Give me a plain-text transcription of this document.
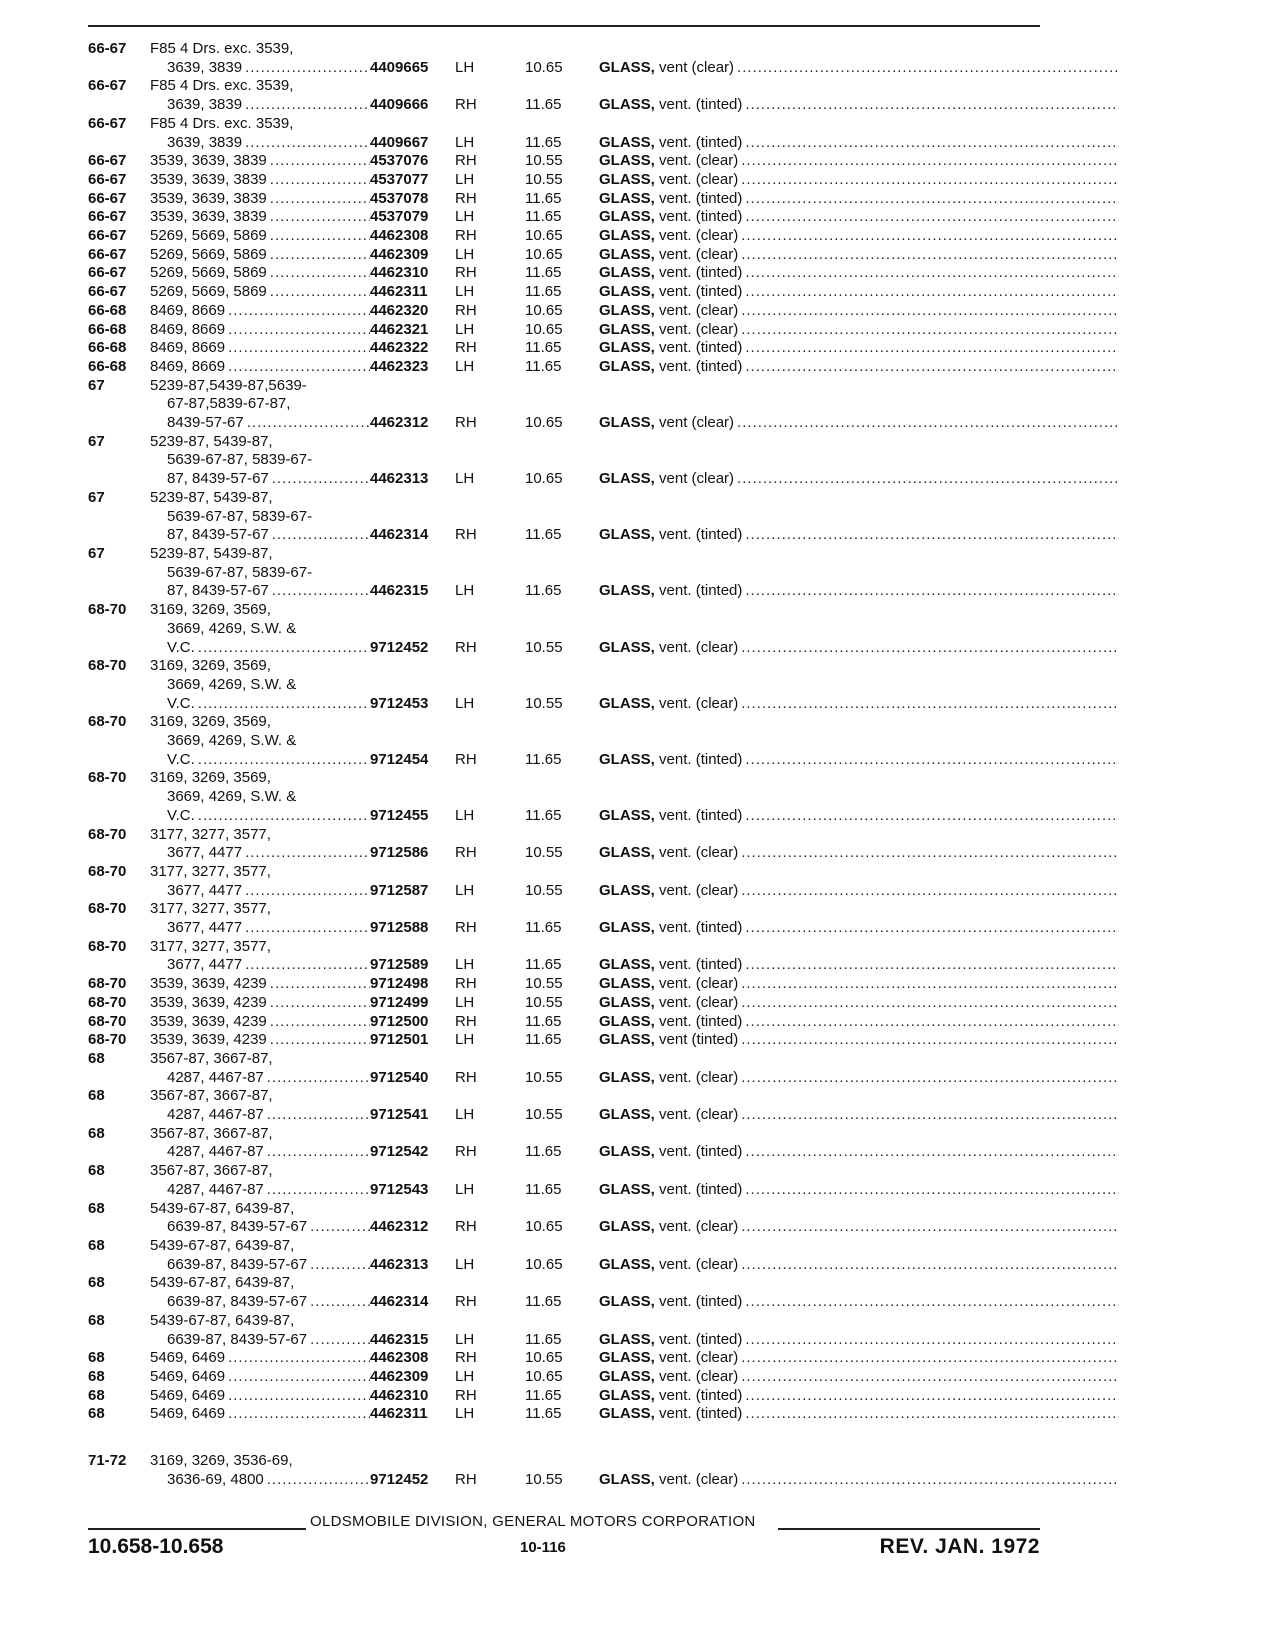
66-67	F85 4 Drs. exc. 3539,
3639, 3839 .....	4409665	LH	10.65	GLASS, vent (clear)
.....
66-67	F85 4 Drs. exc. 3539,
3639, 3839 .....	4409666	RH	11.65	GLASS, vent. (tinted)
.....
66-67	F85 4 Drs. exc. 3539,
3639, 3839 .....	4409667	LH	11.65	GLASS, vent. (tinted)
.....
66-67	3539, 3639, 3839 .....	4537076	RH	10.55	GLASS, vent. (clear)
.....
66-67	3539, 3639, 3839 .....	4537077	LH	10.55	GLASS, vent. (clear)
.....
66-67	3539, 3639, 3839 .....	4537078	RH	11.65	GLASS, vent. (tinted)
.....
66-67	3539, 3639, 3839 .....	4537079	LH	11.65	GLASS, vent. (tinted)
.....
66-67	5269, 5669, 5869 .....	4462308	RH	10.65	GLASS, vent. (clear)
.....
66-67	5269, 5669, 5869 .....	4462309	LH	10.65	GLASS, vent. (clear)
.....
66-67	5269, 5669, 5869 .....	4462310	RH	11.65	GLASS, vent. (tinted)
.....
66-67	5269, 5669, 5869 .....	4462311	LH	11.65	GLASS, vent. (tinted)
.....
66-68	8469, 8669 .....	4462320	RH	10.65	GLASS, vent. (clear)
.....
66-68	8469, 8669 .....	4462321	LH	10.65	GLASS, vent. (clear)
.....
66-68	8469, 8669 .....	4462322	RH	11.65	GLASS, vent. (tinted)
.....
66-68	8469, 8669 .....	4462323	LH	11.65	GLASS, vent. (tinted)
.....
67	5239-87,5439-87,5639-
67-87,5839-67-87,
8439-57-67 .....	4462312	RH	10.65	GLASS, vent (clear)
.....
67	5239-87, 5439-87,
5639-67-87, 5839-67-
87, 8439-57-67 .....	4462313	LH	10.65	GLASS, vent (clear)
.....
67	5239-87, 5439-87,
5639-67-87, 5839-67-
87, 8439-57-67 .....	4462314	RH	11.65	GLASS, vent. (tinted)
.....
67	5239-87, 5439-87,
5639-67-87, 5839-67-
87, 8439-57-67 .....	4462315	LH	11.65	GLASS, vent. (tinted)
.....
68-70	3169, 3269, 3569,
3669, 4269, S.W. &
V.C. .....	9712452	RH	10.55	GLASS, vent. (clear)
.....
68-70	3169, 3269, 3569,
3669, 4269, S.W. &
V.C. .....	9712453	LH	10.55	GLASS, vent. (clear)
.....
68-70	3169, 3269, 3569,
3669, 4269, S.W. &
V.C. .....	9712454	RH	11.65	GLASS, vent. (tinted)
.....
68-70	3169, 3269, 3569,
3669, 4269, S.W. &
V.C. .....	9712455	LH	11.65	GLASS, vent. (tinted)
.....
68-70	3177, 3277, 3577,
3677, 4477 .....	9712586	RH	10.55	GLASS, vent. (clear)
.....
68-70	3177, 3277, 3577,
3677, 4477 .....	9712587	LH	10.55	GLASS, vent. (clear)
.....
68-70	3177, 3277, 3577,
3677, 4477 .....	9712588	RH	11.65	GLASS, vent. (tinted)
.....
68-70	3177, 3277, 3577,
3677, 4477 .....	9712589	LH	11.65	GLASS, vent. (tinted)
.....
68-70	3539, 3639, 4239 .....	9712498	RH	10.55	GLASS, vent. (clear)
.....
68-70	3539, 3639, 4239 .....	9712499	LH	10.55	GLASS, vent. (clear)
.....
68-70	3539, 3639, 4239 .....	9712500	RH	11.65	GLASS, vent. (tinted)
.....
68-70	3539, 3639, 4239 .....	9712501	LH	11.65	GLASS, vent (tinted)
.....
68	3567-87, 3667-87,
4287, 4467-87 .....	9712540	RH	10.55	GLASS, vent. (clear)
.....
68	3567-87, 3667-87,
4287, 4467-87 .....	9712541	LH	10.55	GLASS, vent. (clear)
.....
68	3567-87, 3667-87,
4287, 4467-87 .....	9712542	RH	11.65	GLASS, vent. (tinted)
.....
68	3567-87, 3667-87,
4287, 4467-87 .....	9712543	LH	11.65	GLASS, vent. (tinted)
.....
68	5439-67-87, 6439-87,
6639-87, 8439-57-67 .....	4462312	RH	10.65	GLASS, vent. (clear)
.....
68	5439-67-87, 6439-87,
6639-87, 8439-57-67 .....	4462313	LH	10.65	GLASS, vent. (clear)
.....
68	5439-67-87, 6439-87,
6639-87, 8439-57-67 .....	4462314	RH	11.65	GLASS, vent. (tinted)
.....
68	5439-67-87, 6439-87,
6639-87, 8439-57-67 .....	4462315	LH	11.65	GLASS, vent. (tinted)
.....
68	5469, 6469 .....	4462308	RH	10.65	GLASS, vent. (clear)
.....
68	5469, 6469 .....	4462309	LH	10.65	GLASS, vent. (clear)
.....
68	5469, 6469 .....	4462310	RH	11.65	GLASS, vent. (tinted)
.....
68	5469, 6469 .....	4462311	LH	11.65	GLASS, vent. (tinted)
.....
71-72	3169, 3269, 3536-69,
3636-69, 4800 .....	9712452	RH	10.55	GLASS, vent. (clear)
.....
OLDSMOBILE DIVISION, GENERAL MOTORS CORPORATION
10.658-10.658	10-116	REV. JAN. 1972
